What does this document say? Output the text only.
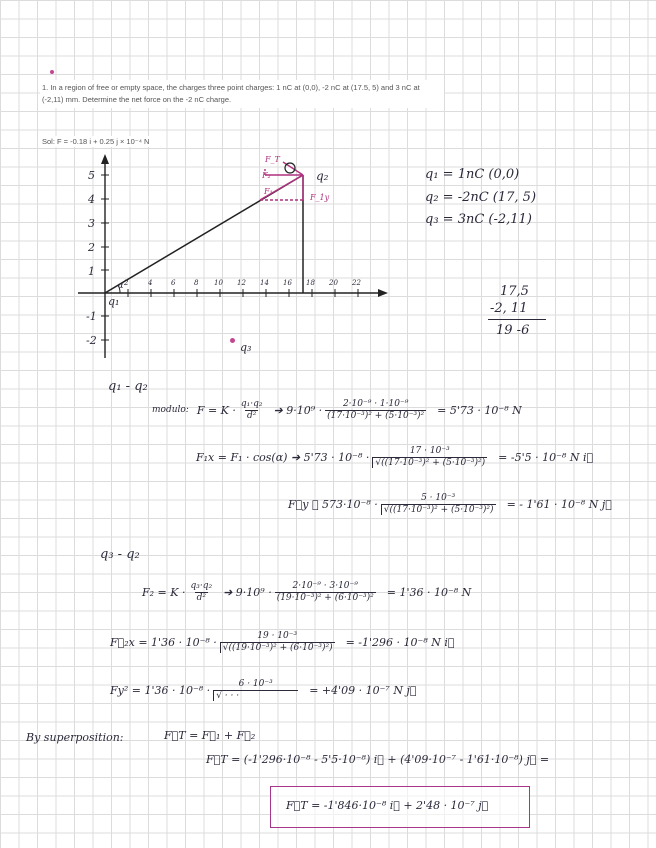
1. In a region of free or empty space, the charges three point charges: 1 nC at (0,0), -2 nC at (17.5, 5) and 3 nC at (-2,11) mm. Determine the net force on the -2 nC charge.
Sol: F = -0.18 i + 0.25 j × 10⁻⁴ N
5
4
3
2
1
-1
-2
2	4	6	8 10 12 14 16 18 20 22
q₁
α
q₂
q₃
F_T
F₂
F₁
F_1y
q₁ = 1nC (0,0)
q₂ = -2nC (17, 5)
q₃ = 3nC (-2,11)
17,5
-2, 11
19 -6
q₁ - q₂
modulo: $F = K \cdot \frac{\text{q₁·q₂}}{\text{d²}}$ ➔ $9\cdot 10^9 \cdot \frac{\text{2·10⁻⁹ · 1·10⁻⁹}}{\text{(17·10⁻³)² + (5·10⁻³)²}} = 5'73 \cdot 10^{-8}$ N
F₁x = F₁ · cos(α) ➔ $5'73 \cdot 10^{-8} \cdot \frac{\text{17 · 10⁻³}}{\text{√((17·10⁻³)² + (5·10⁻³)²)}} = -5'5 \cdot 10^{-8}$ N i⃗
F⃗y ➔ $573\cdot 10^{-8} \cdot \frac{\text{5 · 10⁻³}}{\text{√((17·10⁻³)² + (5·10⁻³)²)}}$ = - 1'61 · 10⁻⁸ N j⃗
q₃ - q₂
$F_2 = K \cdot \frac{\text{q₃·q₂}}{\text{d²}}$ ➔ $9\cdot 10^9 \cdot \frac{\text{2·10⁻⁹ · 3·10⁻⁹}}{\text{(19·10⁻³)² + (6·10⁻³)²}} = 1'36 \cdot 10^{-8}$ N
F⃗₂x = $1'36 \cdot 10^{-8} \cdot \frac{\text{19 · 10⁻³}}{\text{√((19·10⁻³)² + (6·10⁻³)²)}} = -1'296 \cdot 10^{-8}$ N i⃗
$Fy^2 = 1'36 \cdot 10^{-8} \cdot \frac{\text{6 · 10⁻³}}{√ \cdot \cdot \cdot} = +4'09 \cdot 10^{-7}$ N j⃗
By superposition:	F⃗T = F⃗₁ + F⃗₂
F⃗T = (-1'296·10⁻⁸ - 5'5·10⁻⁸) i⃗ + (4'09·10⁻⁷ - 1'61·10⁻⁸) j⃗ =
F⃗T = -1'846·10⁻⁸ i⃗ + 2'48 · 10⁻⁷ j⃗
